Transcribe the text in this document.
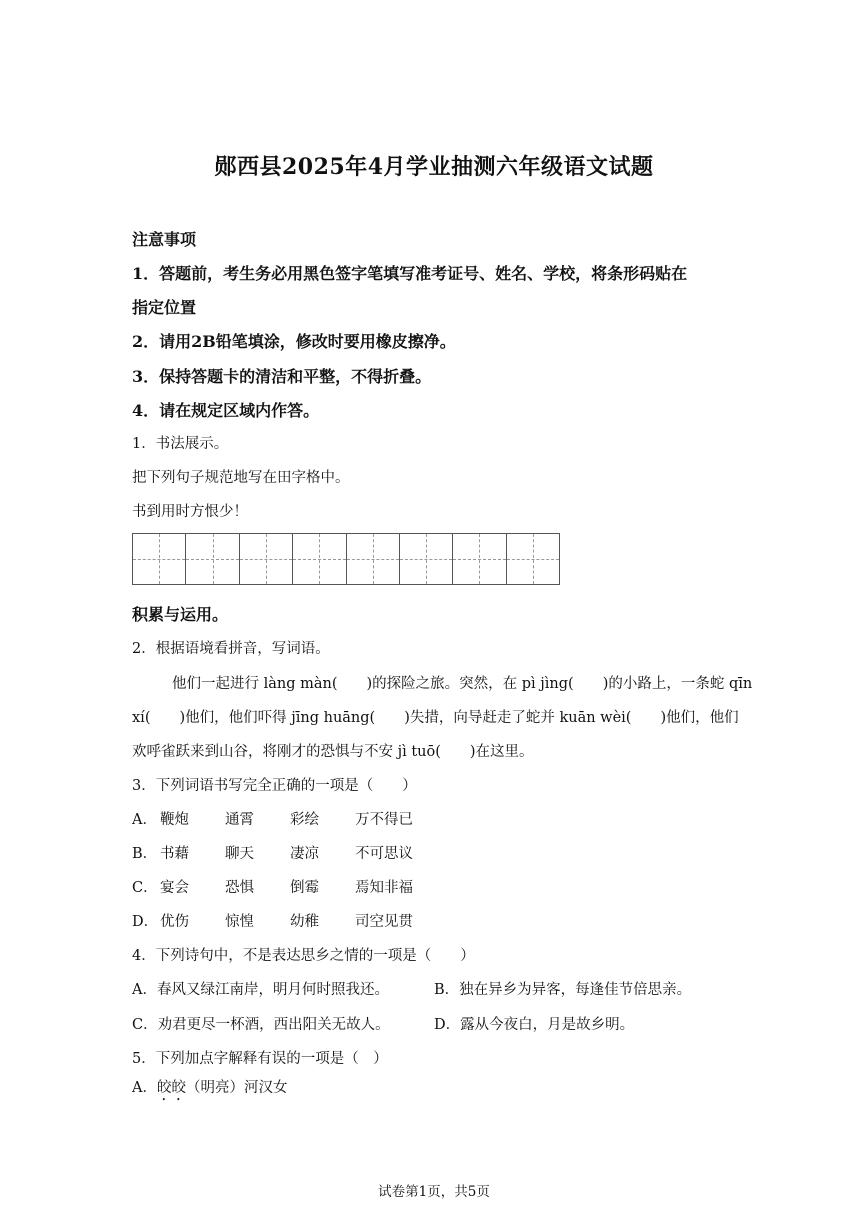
郧西县2025年4月学业抽测六年级语文试题
注意事项
1．答题前，考生务必用黑色签字笔填写准考证号、姓名、学校，将条形码贴在
指定位置
2．请用2B铅笔填涂，修改时要用橡皮擦净。
3．保持答题卡的清洁和平整，不得折叠。
4．请在规定区域内作答。
1．书法展示。
把下列句子规范地写在田字格中。
书到用时方恨少！
积累与运用。
2．根据语境看拼音，写词语。
他们一起进行 làng màn(　　)的探险之旅。突然，在 pì jìng(　　)的小路上，一条蛇 qīn
xí(　　)他们，他们吓得 jīng huāng(　　)失措，向导赶走了蛇并 kuān wèi(　　)他们，他们
欢呼雀跃来到山谷，将刚才的恐惧与不安 jì tuō(　　)在这里。
3．下列词语书写完全正确的一项是（　　）
A． 鞭炮 通霄 彩绘 万不得已
B． 书藉 聊天 凄凉 不可思议
C． 宴会 恐惧 倒霉 焉知非福
D． 优伤 惊惶 幼稚 司空见贯
4．下列诗句中，不是表达思乡之情的一项是（　　）
A．春风又绿江南岸，明月何时照我还。	B．独在异乡为异客，每逢佳节倍思亲。
C．劝君更尽一杯酒，西出阳关无故人。	D．露从今夜白，月是故乡明。
5．下列加点字解释有误的一项是（　）
A．皎皎（明亮）河汉女
试卷第1页，共5页
